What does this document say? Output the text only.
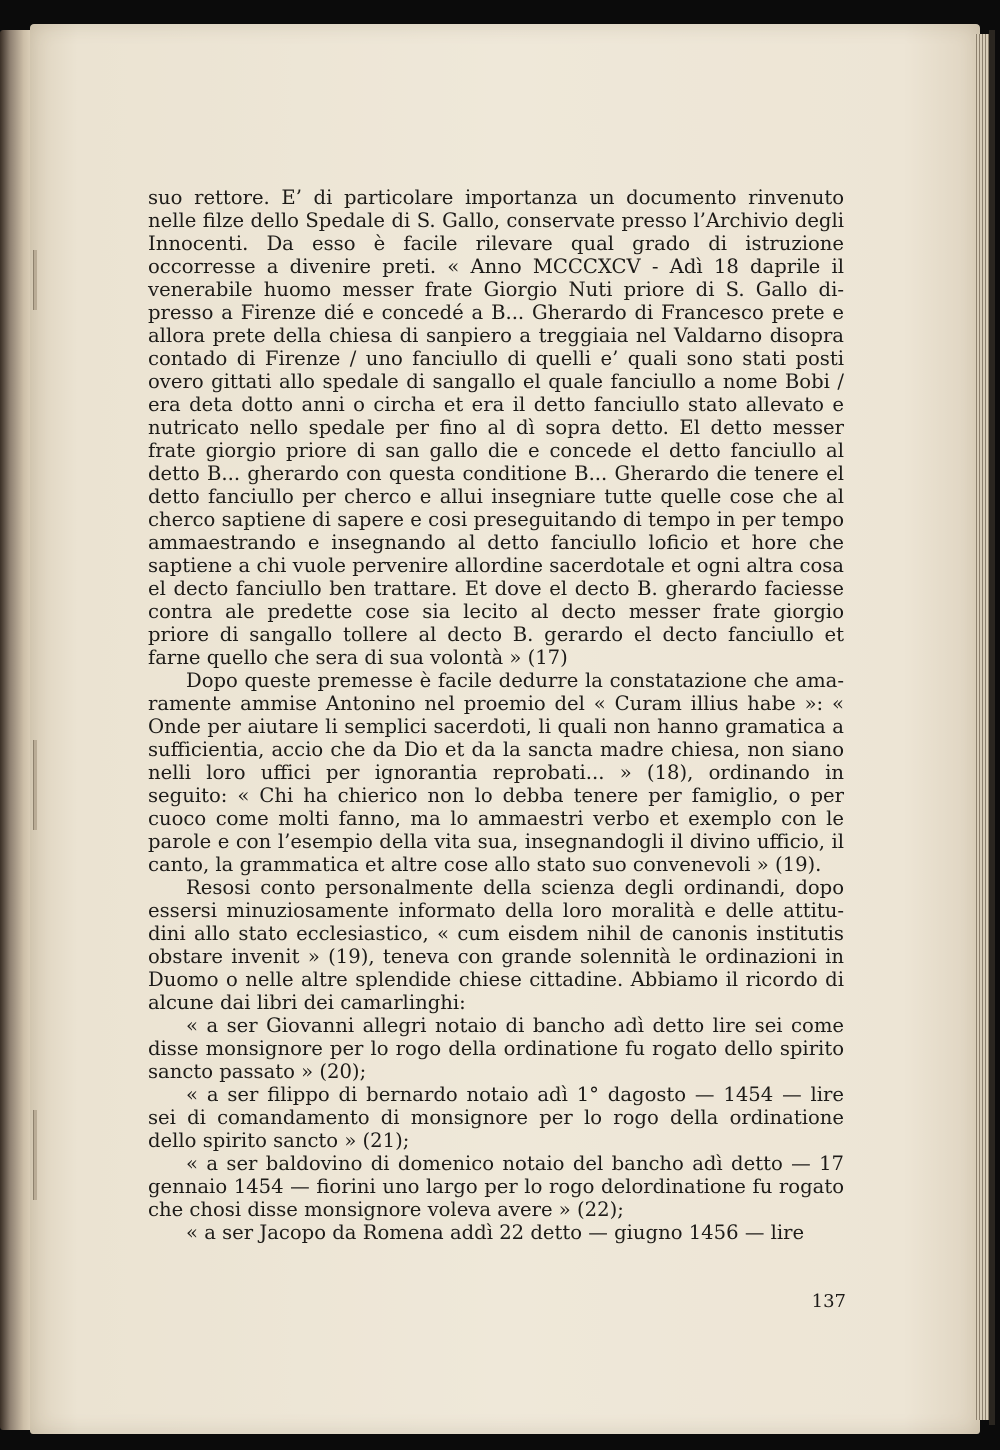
suo rettore. E’ di particolare importanza un documento rinvenuto nelle filze dello Spedale di S. Gallo, conservate presso l’Archivio degli Innocenti. Da esso è facile rilevare qual grado di istruzione occorresse a divenire preti. « Anno MCCCXCV - Adì 18 daprile il venerabile huomo messer frate Giorgio Nuti priore di S. Gallo dipresso a Firenze dié e concedé a B... Gherardo di Francesco prete e allora prete della chiesa di sanpiero a treggiaia nel Valdarno disopra contado di Firenze / uno fanciullo di quelli e’ quali sono stati posti overo gittati allo spedale di sangallo el quale fanciullo a nome Bobi / era deta dotto anni o circha et era il detto fanciullo stato allevato e nutricato nello spedale per fino al dì sopra detto. El detto messer frate giorgio priore di san gallo die e concede el detto fanciullo al detto B... gherardo con questa conditione B... Gherardo die tenere el detto fanciullo per cherco e allui insegniare tutte quelle cose che al cherco saptiene di sapere e cosi preseguitando di tempo in per tempo ammaestrando e insegnando al detto fanciullo loficio et hore che saptiene a chi vuole pervenire allordine sacerdotale et ogni altra cosa el decto fanciullo ben trattare. Et dove el decto B. gherardo faciesse contra ale predette cose sia lecito al decto messer frate giorgio priore di sangallo tollere al decto B. gerardo el decto fanciullo et farne quello che sera di sua volontà » (17)

Dopo queste premesse è facile dedurre la constatazione che amaramente ammise Antonino nel proemio del « Curam illius habe »: « Onde per aiutare li semplici sacerdoti, li quali non hanno gramatica a sufficientia, accio che da Dio et da la sancta madre chiesa, non siano nelli loro uffici per ignorantia reprobati... » (18), ordinando in seguito: « Chi ha chierico non lo debba tenere per famiglio, o per cuoco come molti fanno, ma lo ammaestri verbo et exemplo con le parole e con l’esempio della vita sua, insegnandogli il divino ufficio, il canto, la grammatica et altre cose allo stato suo convenevoli » (19).

Resosi conto personalmente della scienza degli ordinandi, dopo essersi minuziosamente informato della loro moralità e delle attitudini allo stato ecclesiastico, « cum eisdem nihil de canonis institutis obstare invenit » (19), teneva con grande solennità le ordinazioni in Duomo o nelle altre splendide chiese cittadine. Abbiamo il ricordo di alcune dai libri dei camarlinghi:

« a ser Giovanni allegri notaio di bancho adì detto lire sei come disse monsignore per lo rogo della ordinatione fu rogato dello spirito sancto passato » (20);

« a ser filippo di bernardo notaio adì 1° dagosto — 1454 — lire sei di comandamento di monsignore per lo rogo della ordinatione dello spirito sancto » (21);

« a ser baldovino di domenico notaio del bancho adì detto — 17 gennaio 1454 — fiorini uno largo per lo rogo delordinatione fu rogato che chosi disse monsignore voleva avere » (22);

« a ser Jacopo da Romena addì 22 detto — giugno 1456 — lire

137
